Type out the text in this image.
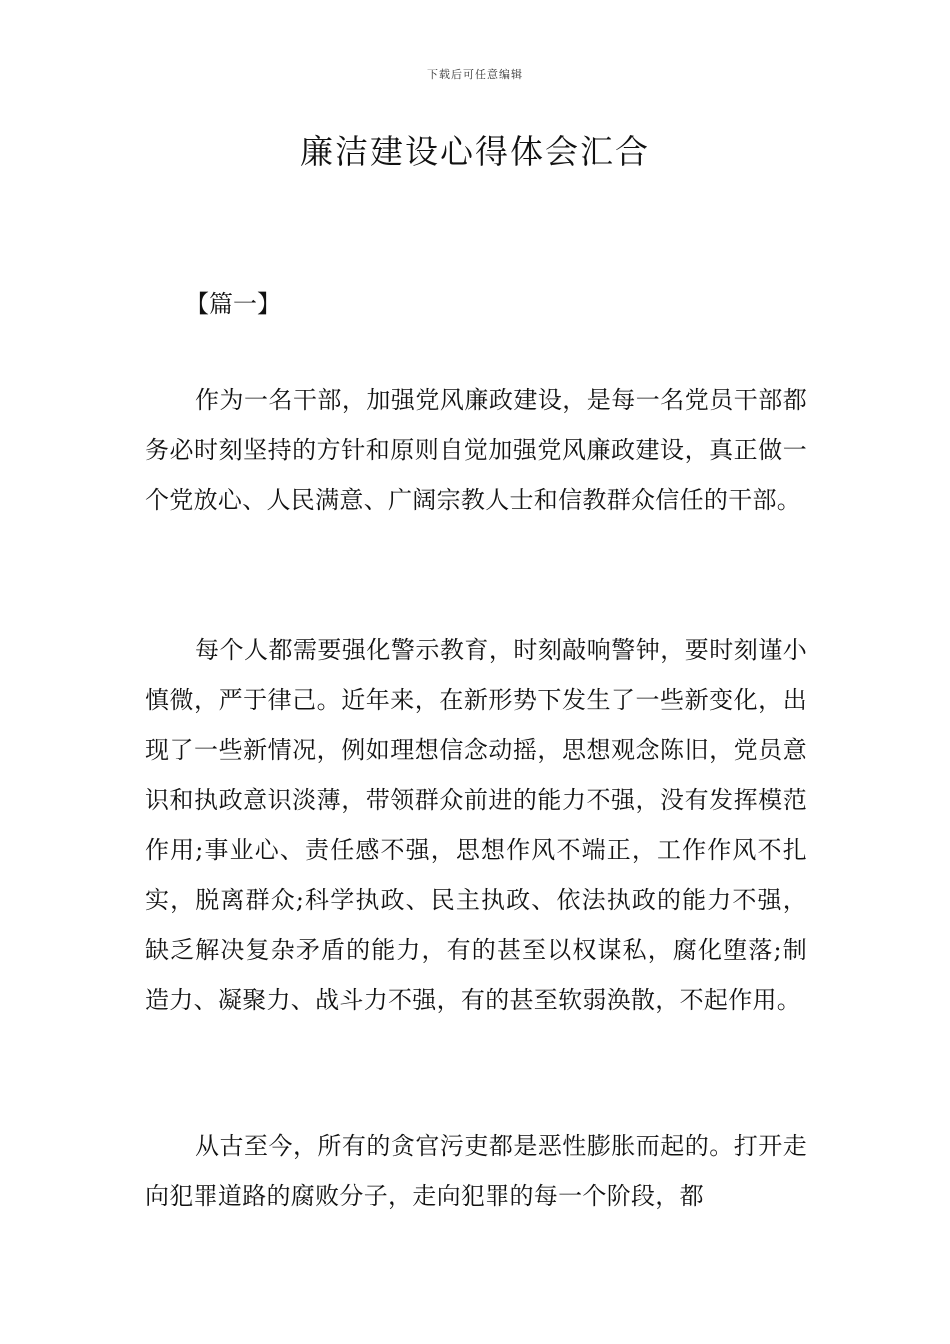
下载后可任意编辑
廉洁建设心得体会汇合
【篇一】

作为一名干部，加强党风廉政建设，是每一名党员干部都务必时刻坚持的方针和原则自觉加强党风廉政建设，真正做一个党放心、人民满意、广阔宗教人士和信教群众信任的干部。

每个人都需要强化警示教育，时刻敲响警钟，要时刻谨小慎微，严于律己。近年来，在新形势下发生了一些新变化，出现了一些新情况，例如理想信念动摇，思想观念陈旧，党员意识和执政意识淡薄，带领群众前进的能力不强，没有发挥模范作用;事业心、责任感不强，思想作风不端正，工作作风不扎实，脱离群众;科学执政、民主执政、依法执政的能力不强，缺乏解决复杂矛盾的能力，有的甚至以权谋私，腐化堕落;制造力、凝聚力、战斗力不强，有的甚至软弱涣散，不起作用。

从古至今，所有的贪官污吏都是恶性膨胀而起的。打开走向犯罪道路的腐败分子，走向犯罪的每一个阶段，都
